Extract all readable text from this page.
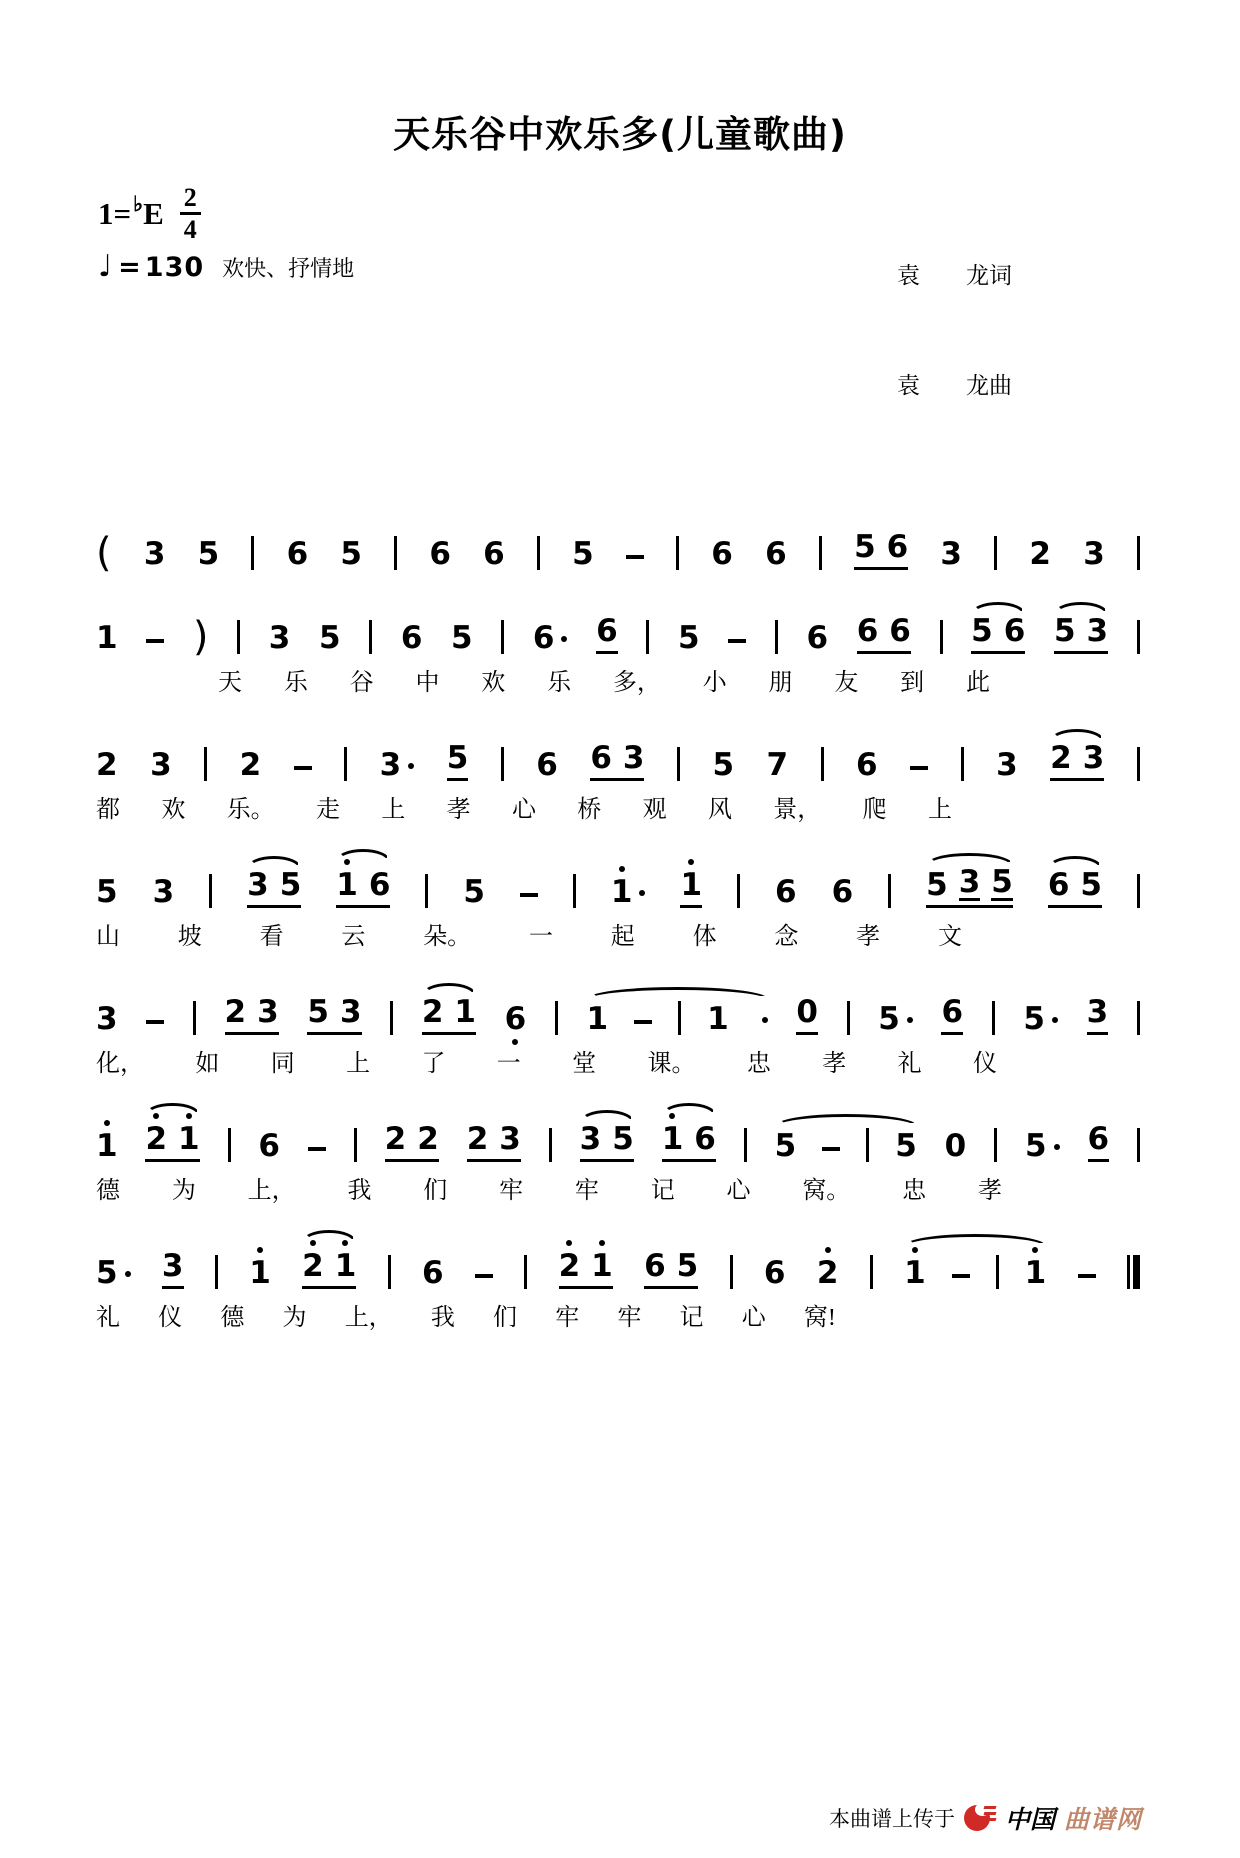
天乐谷中欢乐多(儿童歌曲)
1 = ♭ E $\frac{2}{4}$
♩ = 130 欢快、抒情地

	袁　　龙词

袁　　龙曲

( 3 5 6 5 6 6 5	6 6 5 6 3 2 3
1 ) 3 5 6 5 6 6 5	6 6 6 5 6 5 3
天 乐 谷 中 欢 乐 多， 小 朋 友 到 此
2 3 2	3 5 6 6 3 5 7 6	3 2 3
都 欢 乐。 走 上 孝 心 桥 观 风 景， 爬 上
5 3 3 5 1 6 5	1 1 6 6 5 3 5 6 5
山 坡 看 云 朵。 一 起 体 念 孝 文
3	2 3 5 3 2 1 6 1	1 0 5 6 5 3
化， 如 同 上 了 一 堂 课。 忠 孝 礼 仪
1 2 1 6	2 2 2 3 3 5 1 6 5	5 0 5 6
德 为 上， 我 们 牢 牢 记 心 窝。 忠 孝
5 3 1 2 1 6	2 1 6 5 6 2 1	1
礼 仪 德 为 上， 我 们 牢 牢 记 心 窝!
本曲谱上传于 中国 曲谱网
